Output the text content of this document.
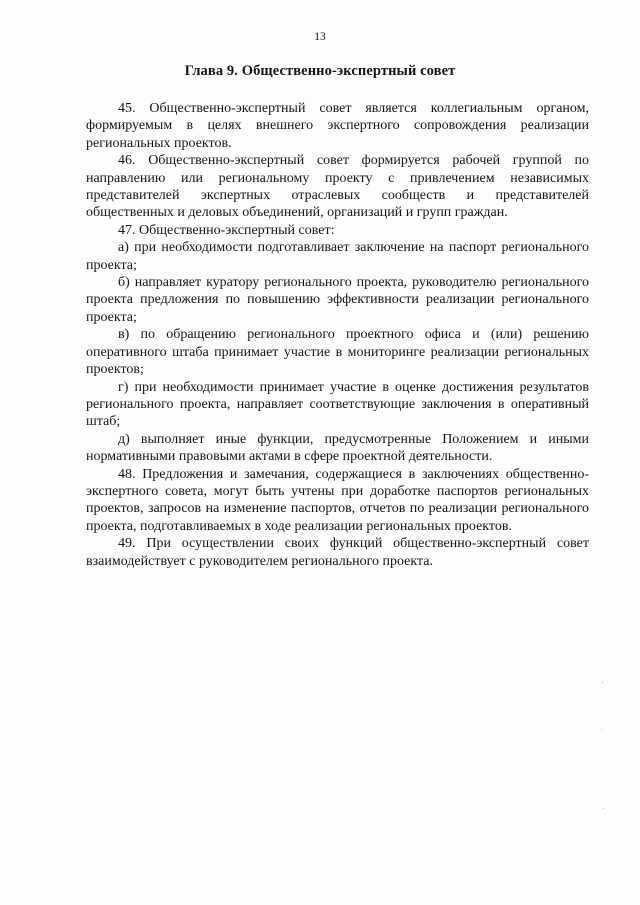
13
Глава 9. Общественно-экспертный совет

45. Общественно-экспертный совет является коллегиальным органом, формируемым в целях внешнего экспертного сопровождения реализации региональных проектов.

46. Общественно-экспертный совет формируется рабочей группой по направлению или региональному проекту с привлечением независимых представителей экспертных отраслевых сообществ и представителей общественных и деловых объединений, организаций и групп граждан.

47. Общественно-экспертный совет:

а) при необходимости подготавливает заключение на паспорт регионального проекта;

б) направляет куратору регионального проекта, руководителю регионального проекта предложения по повышению эффективности реализации регионального проекта;

в) по обращению регионального проектного офиса и (или) решению оперативного штаба принимает участие в мониторинге реализации региональных проектов;

г) при необходимости принимает участие в оценке достижения результатов регионального проекта, направляет соответствующие заключения в оперативный штаб;

д) выполняет иные функции, предусмотренные Положением и иными нормативными правовыми актами в сфере проектной деятельности.

48. Предложения и замечания, содержащиеся в заключениях общественно-экспертного совета, могут быть учтены при доработке паспортов региональных проектов, запросов на изменение паспортов, отчетов по реализации регионального проекта, подготавливаемых в ходе реализации региональных проектов.

49. При осуществлении своих функций общественно-экспертный совет взаимодействует с руководителем регионального проекта.
